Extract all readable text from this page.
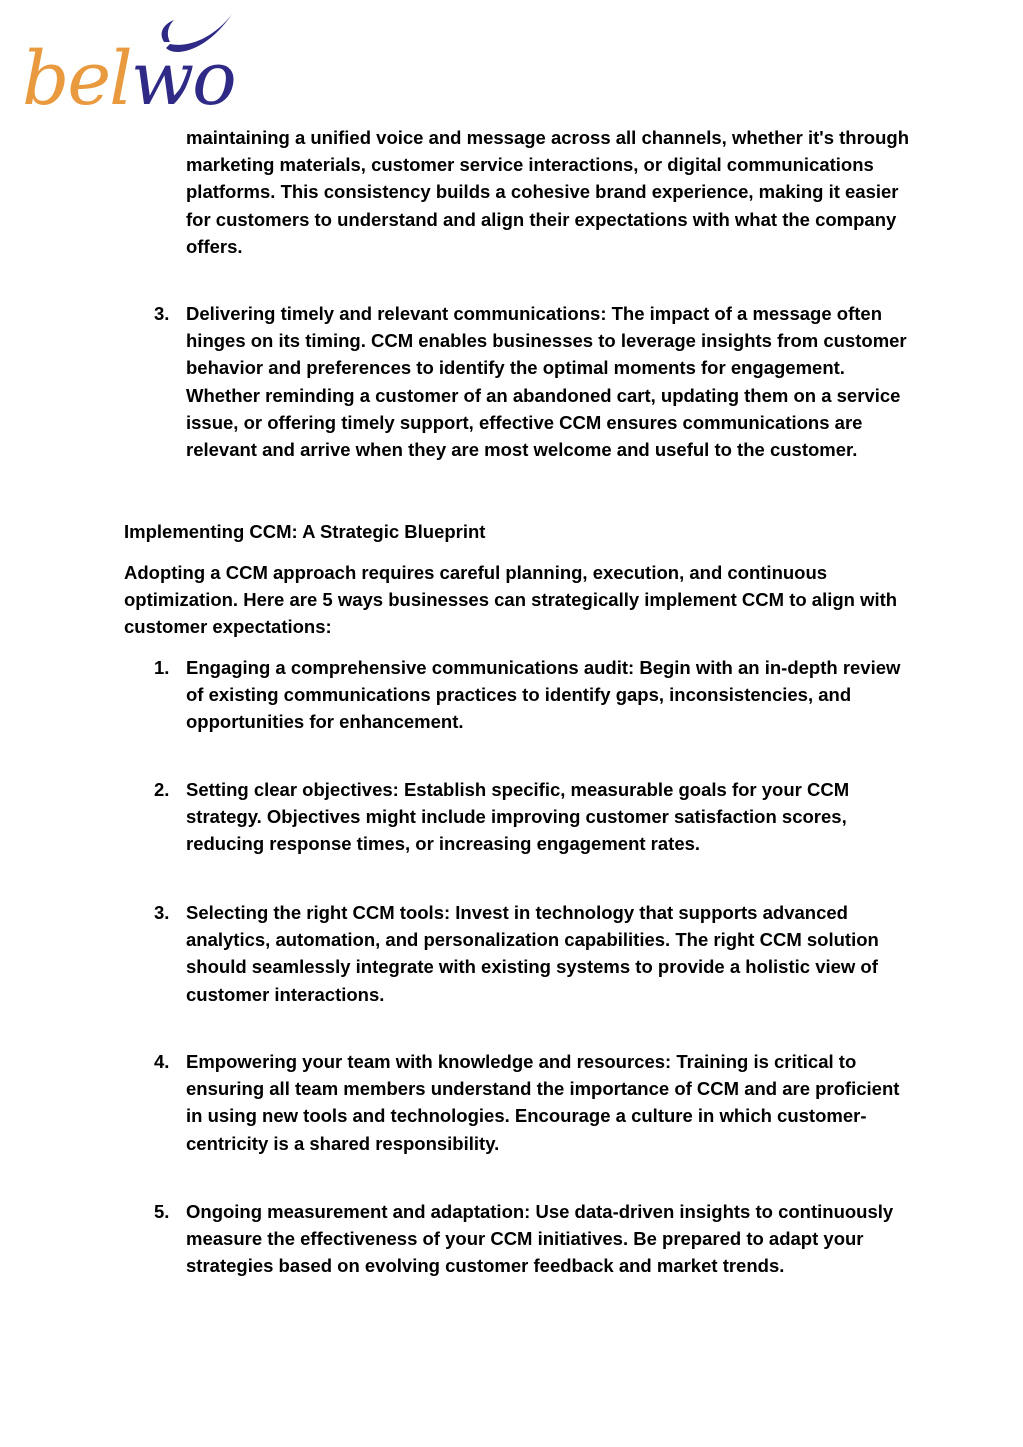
belwo

maintaining a unified voice and message across all channels, whether it's through marketing materials, customer service interactions, or digital communications platforms. This consistency builds a cohesive brand experience, making it easier for customers to understand and align their expectations with what the company offers.

3. Delivering timely and relevant communications: The impact of a message often hinges on its timing. CCM enables businesses to leverage insights from customer behavior and preferences to identify the optimal moments for engagement. Whether reminding a customer of an abandoned cart, updating them on a service issue, or offering timely support, effective CCM ensures communications are relevant and arrive when they are most welcome and useful to the customer.
Implementing CCM: A Strategic Blueprint

Adopting a CCM approach requires careful planning, execution, and continuous optimization. Here are 5 ways businesses can strategically implement CCM to align with customer expectations:

1. Engaging a comprehensive communications audit: Begin with an in-depth review of existing communications practices to identify gaps, inconsistencies, and opportunities for enhancement.
2. Setting clear objectives: Establish specific, measurable goals for your CCM strategy. Objectives might include improving customer satisfaction scores, reducing response times, or increasing engagement rates.
3. Selecting the right CCM tools: Invest in technology that supports advanced analytics, automation, and personalization capabilities. The right CCM solution should seamlessly integrate with existing systems to provide a holistic view of customer interactions.
4. Empowering your team with knowledge and resources: Training is critical to ensuring all team members understand the importance of CCM and are proficient in using new tools and technologies. Encourage a culture in which customer-centricity is a shared responsibility.
5. Ongoing measurement and adaptation: Use data-driven insights to continuously measure the effectiveness of your CCM initiatives. Be prepared to adapt your strategies based on evolving customer feedback and market trends.
